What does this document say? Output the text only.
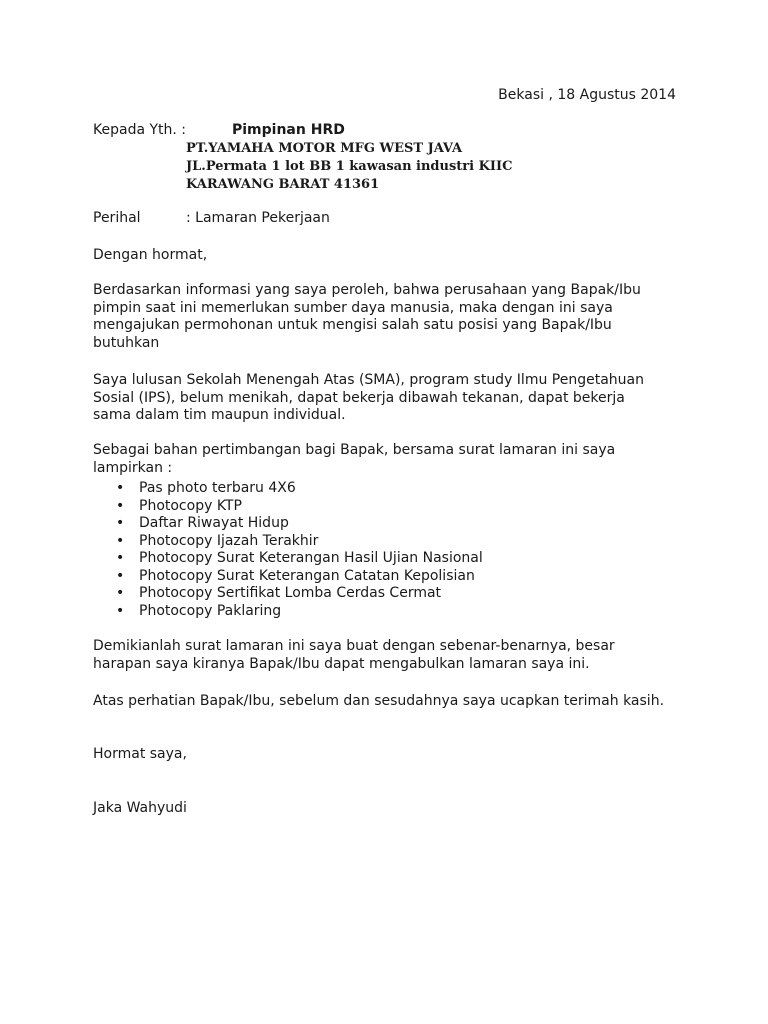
Bekasi , 18 Agustus 2014

Kepada Yth. :	Pimpinan HRD

PT.YAMAHA MOTOR MFG WEST JAVA

JL.Permata 1 lot BB 1 kawasan industri KIIC

KARAWANG BARAT 41361

Perihal	: Lamaran Pekerjaan

Dengan hormat,

Berdasarkan informasi yang saya peroleh, bahwa perusahaan yang Bapak/Ibu
pimpin saat ini memerlukan sumber daya manusia, maka dengan ini saya
mengajukan permohonan untuk mengisi salah satu posisi yang Bapak/Ibu
butuhkan

Saya lulusan Sekolah Menengah Atas (SMA), program study Ilmu Pengetahuan
Sosial (IPS), belum menikah, dapat bekerja dibawah tekanan, dapat bekerja
sama dalam tim maupun individual.

Sebagai bahan pertimbangan bagi Bapak, bersama surat lamaran ini saya
lampirkan :

• Pas photo terbaru 4X6
• Photocopy KTP
• Daftar Riwayat Hidup
• Photocopy Ijazah Terakhir
• Photocopy Surat Keterangan Hasil Ujian Nasional
• Photocopy Surat Keterangan Catatan Kepolisian
• Photocopy Sertifikat Lomba Cerdas Cermat
• Photocopy Paklaring

Demikianlah surat lamaran ini saya buat dengan sebenar-benarnya, besar
harapan saya kiranya Bapak/Ibu dapat mengabulkan lamaran saya ini.

Atas perhatian Bapak/Ibu, sebelum dan sesudahnya saya ucapkan terimah kasih.

Hormat saya,

Jaka Wahyudi
